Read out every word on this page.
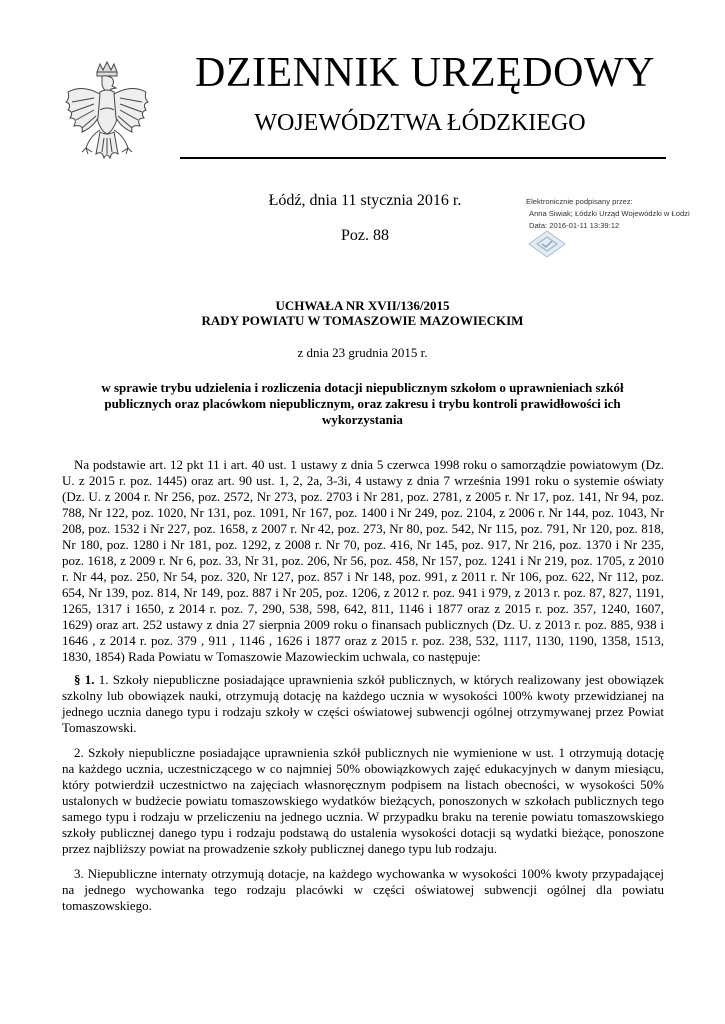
DZIENNIK URZĘDOWY
WOJEWÓDZTWA ŁÓDZKIEGO
Łódź, dnia 11 stycznia 2016 r.
Poz. 88
Elektronicznie podpisany przez:
Anna Siwiak; Łódzki Urząd Wojewódzki w Łodzi
Data: 2016-01-11 13:39:12
UCHWAŁA NR XVII/136/2015
RADY POWIATU W TOMASZOWIE MAZOWIECKIM
z dnia 23 grudnia 2015 r.
w sprawie trybu udzielenia i rozliczenia dotacji niepublicznym szkołom o uprawnieniach szkół publicznych oraz placówkom niepublicznym, oraz zakresu i trybu kontroli prawidłowości ich wykorzystania

Na podstawie art. 12 pkt 11 i art. 40 ust. 1 ustawy z dnia 5 czerwca 1998 roku o samorządzie powiatowym (Dz. U. z 2015 r. poz. 1445) oraz art. 90 ust. 1, 2, 2a, 3-3i, 4 ustawy z dnia 7 września 1991 roku o systemie oświaty (Dz. U. z 2004 r. Nr 256, poz. 2572, Nr 273, poz. 2703 i Nr 281, poz. 2781, z 2005 r. Nr 17, poz. 141, Nr 94, poz. 788, Nr 122, poz. 1020, Nr 131, poz. 1091, Nr 167, poz. 1400 i Nr 249, poz. 2104, z 2006 r. Nr 144, poz. 1043, Nr 208, poz. 1532 i Nr 227, poz. 1658, z 2007 r. Nr 42, poz. 273, Nr 80, poz. 542, Nr 115, poz. 791, Nr 120, poz. 818, Nr 180, poz. 1280 i Nr 181, poz. 1292, z 2008 r. Nr 70, poz. 416, Nr 145, poz. 917, Nr 216, poz. 1370 i Nr 235, poz. 1618, z 2009 r. Nr 6, poz. 33, Nr 31, poz. 206, Nr 56, poz. 458, Nr 157, poz. 1241 i Nr 219, poz. 1705, z 2010 r. Nr 44, poz. 250, Nr 54, poz. 320, Nr 127, poz. 857 i Nr 148, poz. 991, z 2011 r. Nr 106, poz. 622, Nr 112, poz. 654, Nr 139, poz. 814, Nr 149, poz. 887 i Nr 205, poz. 1206, z 2012 r. poz. 941 i 979, z 2013 r. poz. 87, 827, 1191, 1265, 1317 i 1650, z 2014 r. poz. 7, 290, 538, 598, 642, 811, 1146 i 1877 oraz z 2015 r. poz. 357, 1240, 1607, 1629) oraz art. 252 ustawy z dnia 27 sierpnia 2009 roku o finansach publicznych (Dz. U. z 2013 r. poz. 885, 938 i 1646 , z 2014 r. poz. 379 , 911 , 1146 , 1626 i 1877 oraz z 2015 r. poz. 238, 532, 1117, 1130, 1190, 1358, 1513, 1830, 1854) Rada Powiatu w Tomaszowie Mazowieckim uchwala, co następuje:

§ 1. 1. Szkoły niepubliczne posiadające uprawnienia szkół publicznych, w których realizowany jest obowiązek szkolny lub obowiązek nauki, otrzymują dotację na każdego ucznia w wysokości 100% kwoty przewidzianej na jednego ucznia danego typu i rodzaju szkoły w części oświatowej subwencji ogólnej otrzymywanej przez Powiat Tomaszowski.

2. Szkoły niepubliczne posiadające uprawnienia szkół publicznych nie wymienione w ust. 1 otrzymują dotację na każdego ucznia, uczestniczącego w co najmniej 50% obowiązkowych zajęć edukacyjnych w danym miesiącu, który potwierdził uczestnictwo na zajęciach własnoręcznym podpisem na listach obecności, w wysokości 50% ustalonych w budżecie powiatu tomaszowskiego wydatków bieżących, ponoszonych w szkołach publicznych tego samego typu i rodzaju w przeliczeniu na jednego ucznia. W przypadku braku na terenie powiatu tomaszowskiego szkoły publicznej danego typu i rodzaju podstawą do ustalenia wysokości dotacji są wydatki bieżące, ponoszone przez najbliższy powiat na prowadzenie szkoły publicznej danego typu lub rodzaju.

3. Niepubliczne internaty otrzymują dotacje, na każdego wychowanka w wysokości 100% kwoty przypadającej na jednego wychowanka tego rodzaju placówki w części oświatowej subwencji ogólnej dla powiatu tomaszowskiego.
